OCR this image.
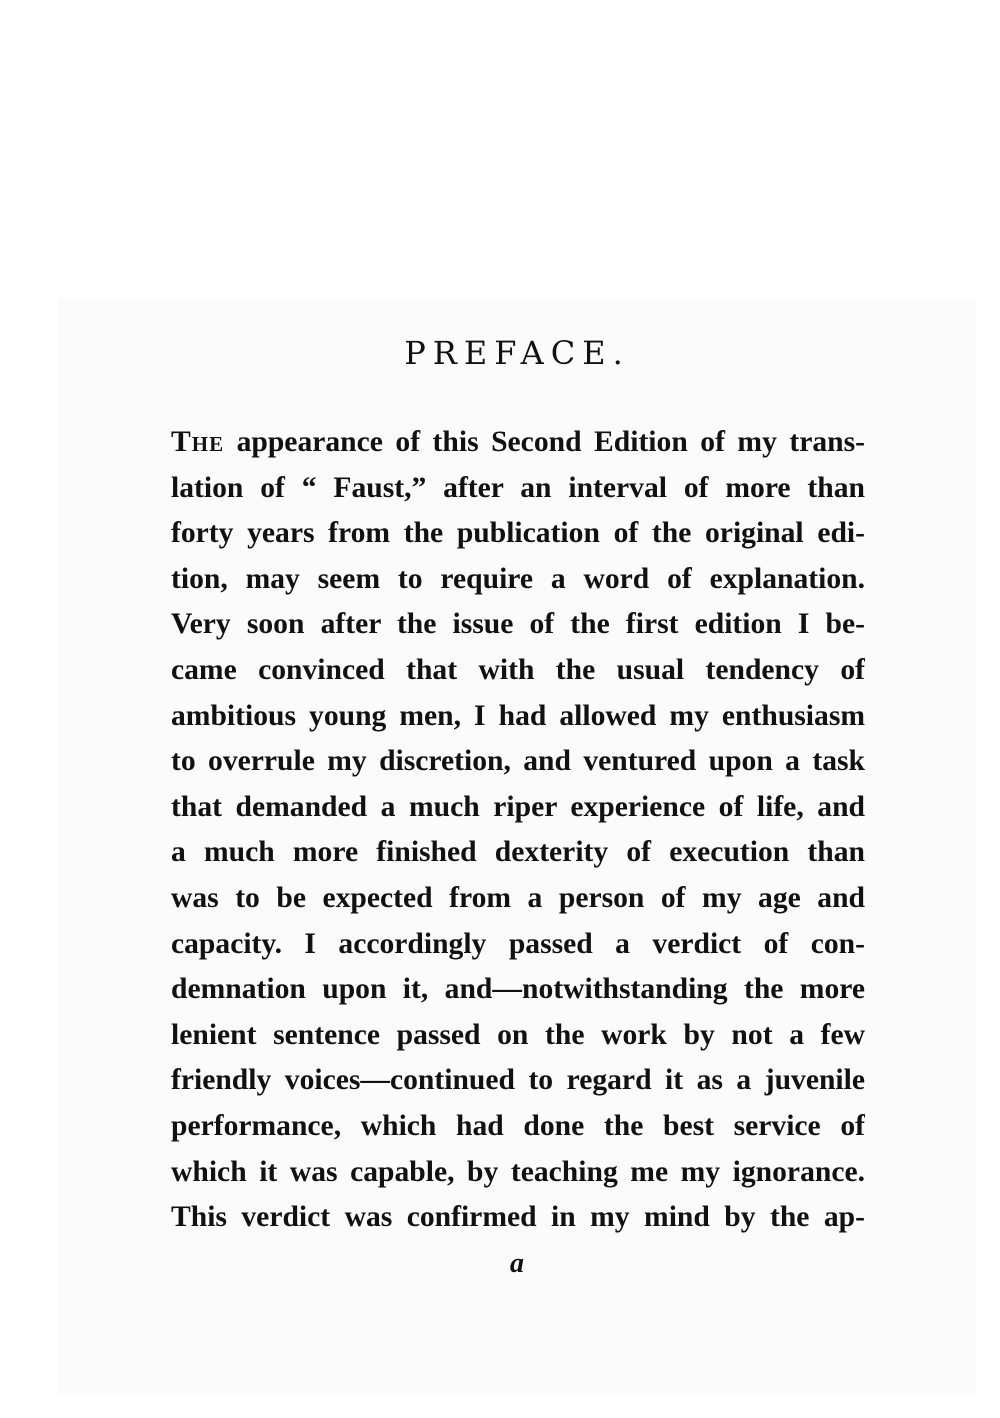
PREFACE.
The appearance of this Second Edition of my trans-
lation of “ Faust,” after an interval of more than
forty years from the publication of the original edi-
tion, may seem to require a word of explanation.
Very soon after the issue of the first edition I be-
came convinced that with the usual tendency of
ambitious young men, I had allowed my enthusiasm
to overrule my discretion, and ventured upon a task
that demanded a much riper experience of life, and
a much more finished dexterity of execution than
was to be expected from a person of my age and
capacity. I accordingly passed a verdict of con-
demnation upon it, and—notwithstanding the more
lenient sentence passed on the work by not a few
friendly voices—continued to regard it as a juvenile
performance, which had done the best service of
which it was capable, by teaching me my ignorance.
This verdict was confirmed in my mind by the ap-
a
